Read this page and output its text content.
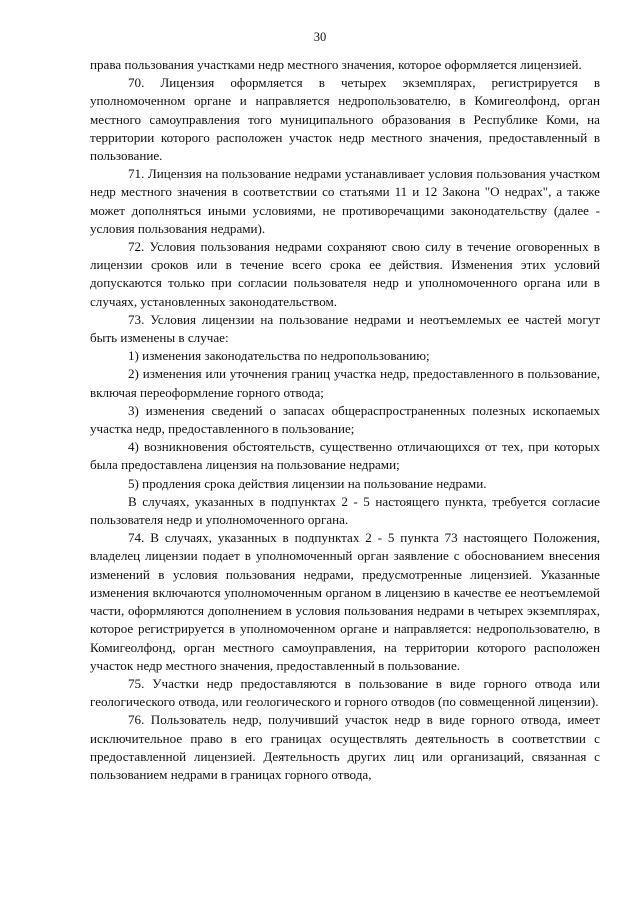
30

права пользования участками недр местного значения, которое оформляется лицензией.

70. Лицензия оформляется в четырех экземплярах, регистрируется в уполномоченном органе и направляется недропользователю, в Комигеолфонд, орган местного самоуправления того муниципального образования в Республике Коми, на территории которого расположен участок недр местного значения, предоставленный в пользование.

71. Лицензия на пользование недрами устанавливает условия пользования участком недр местного значения в соответствии со статьями 11 и 12 Закона "О недрах", а также может дополняться иными условиями, не противоречащими законодательству (далее - условия пользования недрами).

72. Условия пользования недрами сохраняют свою силу в течение оговоренных в лицензии сроков или в течение всего срока ее действия. Изменения этих условий допускаются только при согласии пользователя недр и уполномоченного органа или в случаях, установленных законодательством.

73. Условия лицензии на пользование недрами и неотъемлемых ее частей могут быть изменены в случае:

1) изменения законодательства по недропользованию;

2) изменения или уточнения границ участка недр, предоставленного в пользование, включая переоформление горного отвода;

3) изменения сведений о запасах общераспространенных полезных ископаемых участка недр, предоставленного в пользование;

4) возникновения обстоятельств, существенно отличающихся от тех, при которых была предоставлена лицензия на пользование недрами;

5) продления срока действия лицензии на пользование недрами.

В случаях, указанных в подпунктах 2 - 5 настоящего пункта, требуется согласие пользователя недр и уполномоченного органа.

74. В случаях, указанных в подпунктах 2 - 5 пункта 73 настоящего Положения, владелец лицензии подает в уполномоченный орган заявление с обоснованием внесения изменений в условия пользования недрами, предусмотренные лицензией. Указанные изменения включаются уполномоченным органом в лицензию в качестве ее неотъемлемой части, оформляются дополнением в условия пользования недрами в четырех экземплярах, которое регистрируется в уполномоченном органе и направляется: недропользователю, в Комигеолфонд, орган местного самоуправления, на территории которого расположен участок недр местного значения, предоставленный в пользование.

75. Участки недр предоставляются в пользование в виде горного отвода или геологического отвода, или геологического и горного отводов (по совмещенной лицензии).

76. Пользователь недр, получивший участок недр в виде горного отвода, имеет исключительное право в его границах осуществлять деятельность в соответствии с предоставленной лицензией. Деятельность других лиц или организаций, связанная с пользованием недрами в границах горного отвода,
